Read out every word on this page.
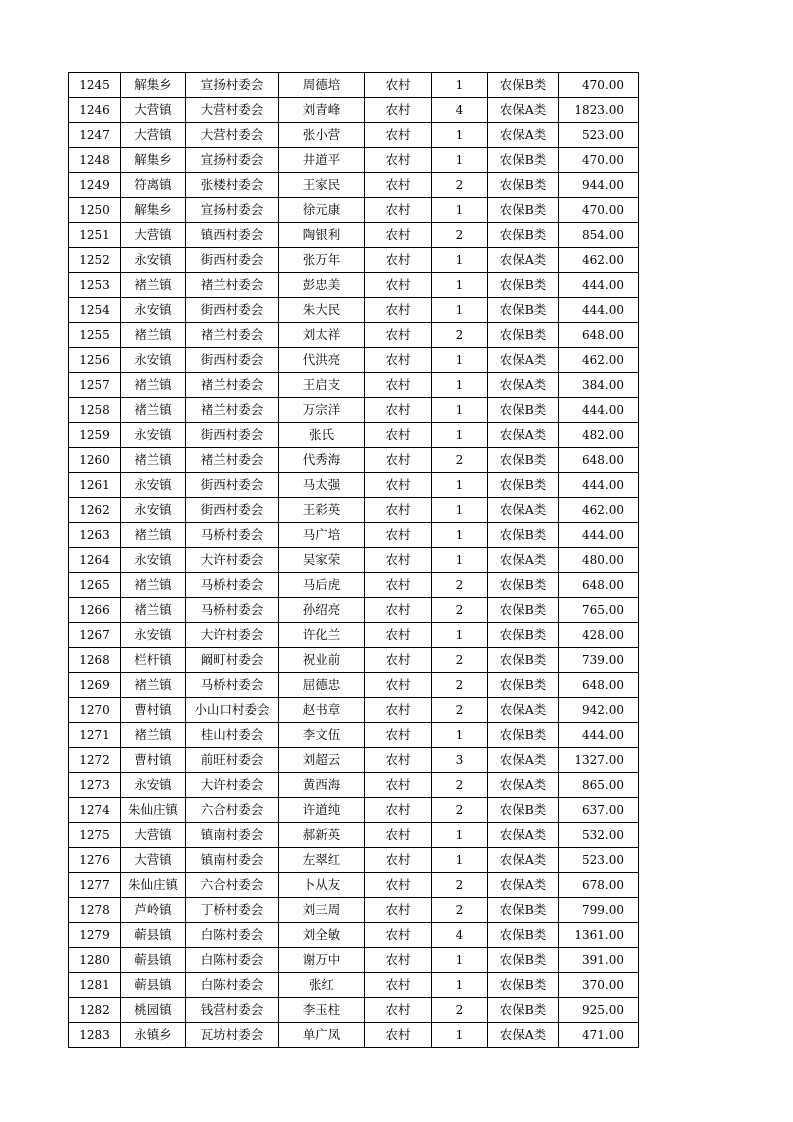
1245	解集乡	宣扬村委会	周德培	农村	1	农保B类	470.00
1246	大营镇	大营村委会	刘青峰	农村	4	农保A类	1823.00
1247	大营镇	大营村委会	张小营	农村	1	农保A类	523.00
1248	解集乡	宣扬村委会	井道平	农村	1	农保B类	470.00
1249	符离镇	张楼村委会	王家民	农村	2	农保B类	944.00
1250	解集乡	宣扬村委会	徐元康	农村	1	农保B类	470.00
1251	大营镇	镇西村委会	陶银利	农村	2	农保B类	854.00
1252	永安镇	街西村委会	张万年	农村	1	农保A类	462.00
1253	褚兰镇	褚兰村委会	彭忠美	农村	1	农保B类	444.00
1254	永安镇	街西村委会	朱大民	农村	1	农保B类	444.00
1255	褚兰镇	褚兰村委会	刘太祥	农村	2	农保B类	648.00
1256	永安镇	街西村委会	代洪亮	农村	1	农保A类	462.00
1257	褚兰镇	褚兰村委会	王启支	农村	1	农保A类	384.00
1258	褚兰镇	褚兰村委会	万宗洋	农村	1	农保B类	444.00
1259	永安镇	街西村委会	张氏	农村	1	农保A类	482.00
1260	褚兰镇	褚兰村委会	代秀海	农村	2	农保B类	648.00
1261	永安镇	街西村委会	马太强	农村	1	农保B类	444.00
1262	永安镇	街西村委会	王彩英	农村	1	农保A类	462.00
1263	褚兰镇	马桥村委会	马广培	农村	1	农保B类	444.00
1264	永安镇	大许村委会	吴家荣	农村	1	农保A类	480.00
1265	褚兰镇	马桥村委会	马后虎	农村	2	农保B类	648.00
1266	褚兰镇	马桥村委会	孙绍亮	农村	2	农保B类	765.00
1267	永安镇	大许村委会	许化兰	农村	1	农保B类	428.00
1268	栏杆镇	阚町村委会	祝业前	农村	2	农保B类	739.00
1269	褚兰镇	马桥村委会	屈德忠	农村	2	农保B类	648.00
1270	曹村镇	小山口村委会	赵书章	农村	2	农保A类	942.00
1271	褚兰镇	桂山村委会	李文伍	农村	1	农保B类	444.00
1272	曹村镇	前旺村委会	刘超云	农村	3	农保A类	1327.00
1273	永安镇	大许村委会	黄西海	农村	2	农保A类	865.00
1274	朱仙庄镇	六合村委会	许道纯	农村	2	农保B类	637.00
1275	大营镇	镇南村委会	郝新英	农村	1	农保A类	532.00
1276	大营镇	镇南村委会	左翠红	农村	1	农保A类	523.00
1277	朱仙庄镇	六合村委会	卜从友	农村	2	农保A类	678.00
1278	芦岭镇	丁桥村委会	刘三周	农村	2	农保B类	799.00
1279	蕲县镇	白陈村委会	刘全敏	农村	4	农保B类	1361.00
1280	蕲县镇	白陈村委会	谢万中	农村	1	农保B类	391.00
1281	蕲县镇	白陈村委会	张红	农村	1	农保B类	370.00
1282	桃园镇	钱营村委会	李玉柱	农村	2	农保B类	925.00
1283	永镇乡	瓦坊村委会	单广凤	农村	1	农保A类	471.00
